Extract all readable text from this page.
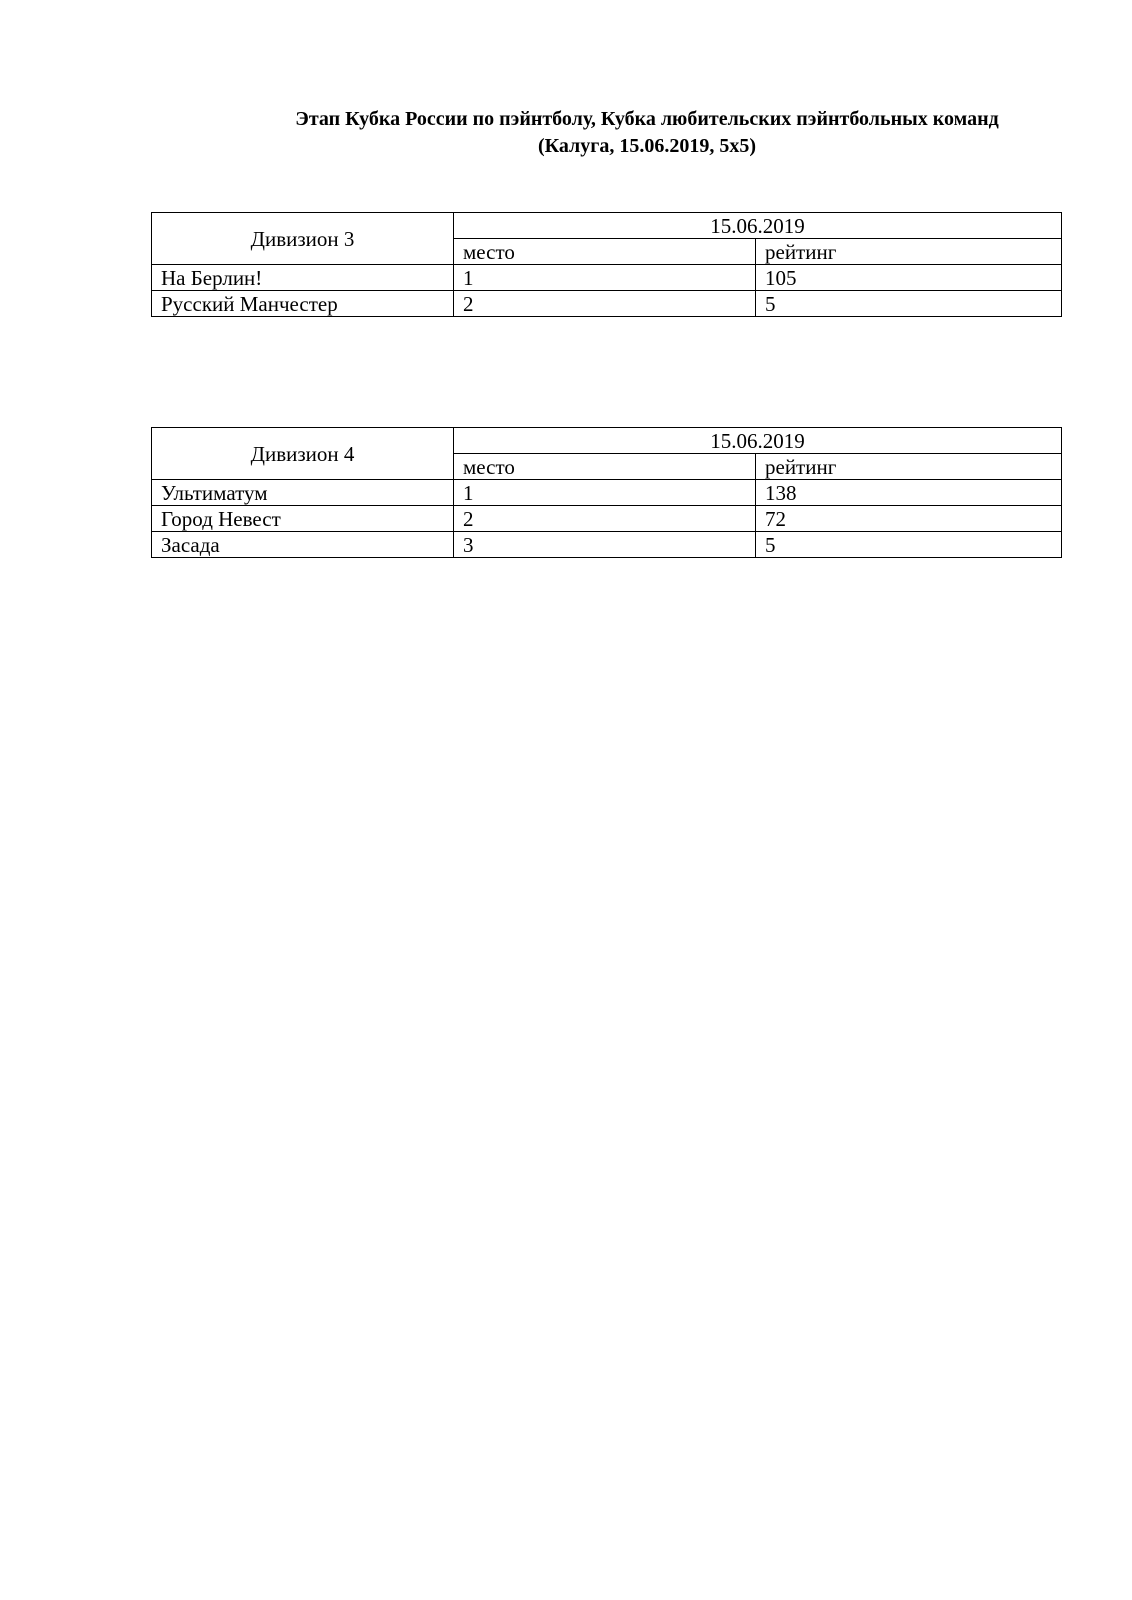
Этап Кубка России по пэйнтболу, Кубка любительских пэйнтбольных команд
(Калуга, 15.06.2019, 5х5)
Дивизион 3	15.06.2019	
	место	рейтинг
На Берлин!	1	105
Русский Манчестер	2	5
Дивизион 4	15.06.2019	
	место	рейтинг
Ультиматум	1	138
Город Невест	2	72
Засада	3	5
